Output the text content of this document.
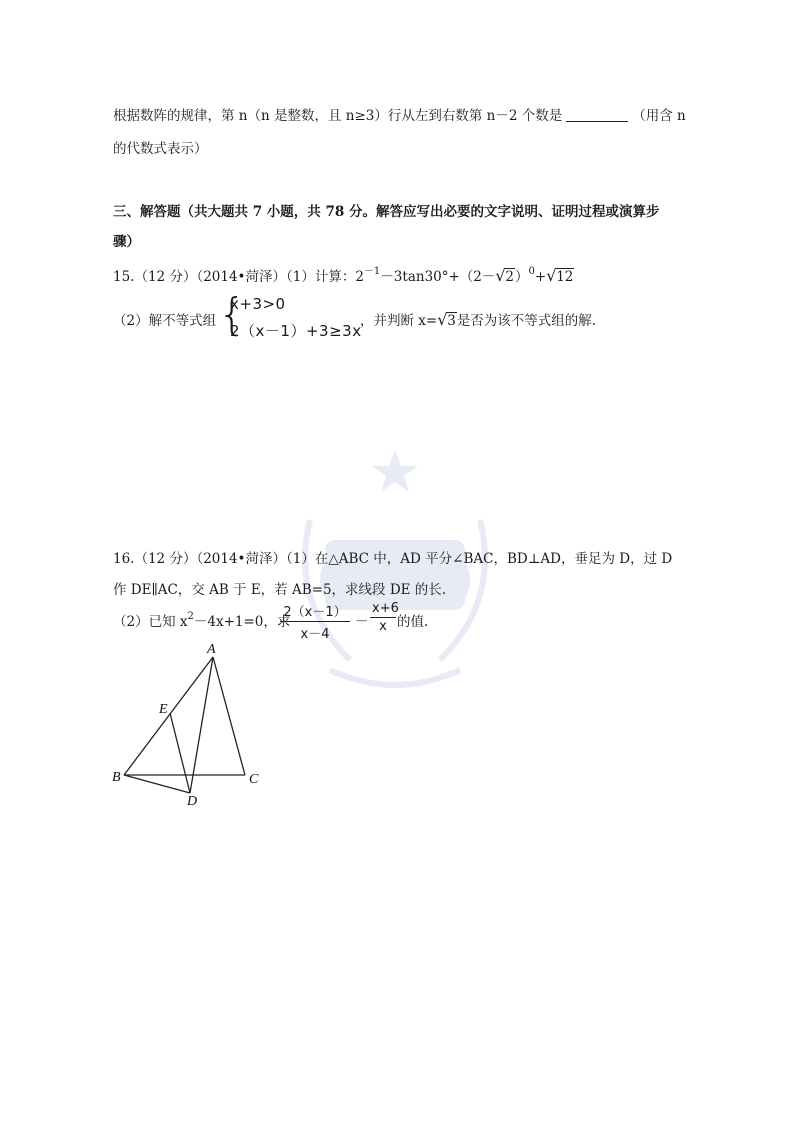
根据数阵的规律，第 n（n 是整数，且 n≥3）行从左到右数第 n－2 个数是	（用含 n
的代数式表示）
三、解答题（共大题共 7 小题，共 78 分。解答应写出必要的文字说明、证明过程或演算步
骤）
15.（12 分）（2014•菏泽）（1）计算：$2^{-1}-3\tan 30^\circ+(2-$ √ 2）$^0$+ √ 12
（2）解不等式组 {
x+3>0
2（x－1）+3≥3x
，并判断 x= √ 3是否为该不等式组的解.
16.（12 分）（2014•菏泽）（1）在△ABC 中，AD 平分∠BAC，BD⊥AD，垂足为 D，过 D
作 DE∥AC，交 AB 于 E，若 AB=5，求线段 DE 的长.
（2）已知 $x^2-4x+1=0$，求
2（x－1）
x－4
－
x+6
x 的值.
A
E
B	C
D
